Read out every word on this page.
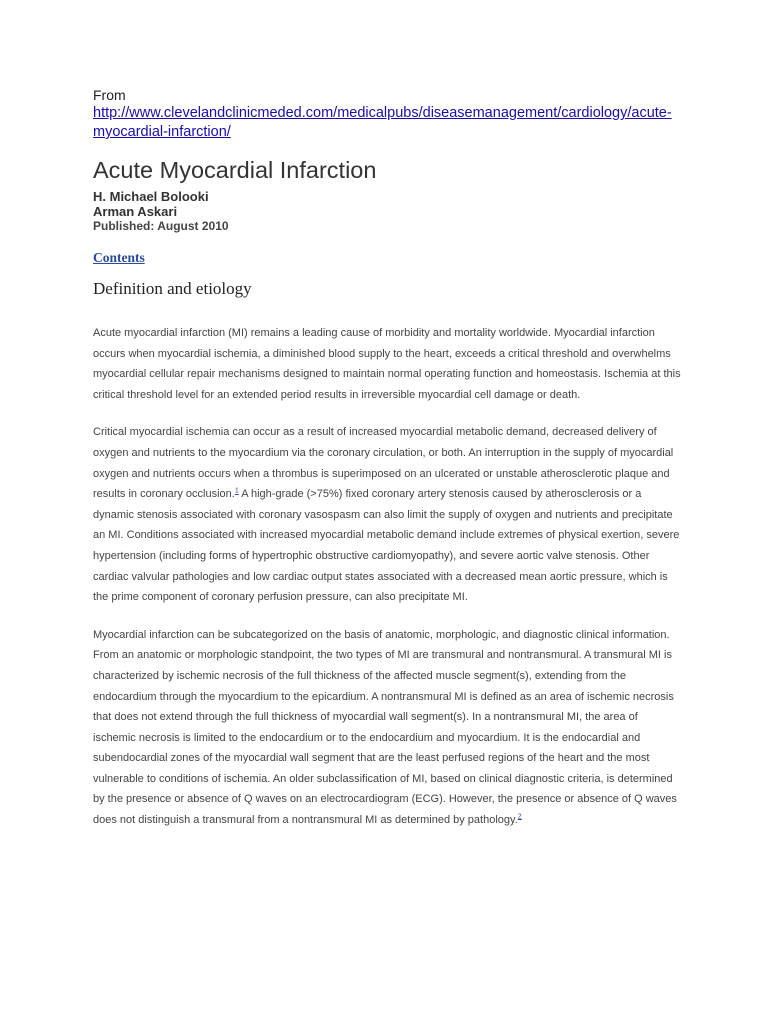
From
http://www.clevelandclinicmeded.com/medicalpubs/diseasemanagement/cardiology/acute-myocardial-infarction/
Acute Myocardial Infarction
H. Michael Bolooki
Arman Askari
Published: August 2010
Contents
Definition and etiology

Acute myocardial infarction (MI) remains a leading cause of morbidity and mortality worldwide. Myocardial infarction occurs when myocardial ischemia, a diminished blood supply to the heart, exceeds a critical threshold and overwhelms myocardial cellular repair mechanisms designed to maintain normal operating function and homeostasis. Ischemia at this critical threshold level for an extended period results in irreversible myocardial cell damage or death.

Critical myocardial ischemia can occur as a result of increased myocardial metabolic demand, decreased delivery of oxygen and nutrients to the myocardium via the coronary circulation, or both. An interruption in the supply of myocardial oxygen and nutrients occurs when a thrombus is superimposed on an ulcerated or unstable atherosclerotic plaque and results in coronary occlusion.$^1$ A high-grade (>75%) fixed coronary artery stenosis caused by atherosclerosis or a dynamic stenosis associated with coronary vasospasm can also limit the supply of oxygen and nutrients and precipitate an MI. Conditions associated with increased myocardial metabolic demand include extremes of physical exertion, severe hypertension (including forms of hypertrophic obstructive cardiomyopathy), and severe aortic valve stenosis. Other cardiac valvular pathologies and low cardiac output states associated with a decreased mean aortic pressure, which is the prime component of coronary perfusion pressure, can also precipitate MI.

Myocardial infarction can be subcategorized on the basis of anatomic, morphologic, and diagnostic clinical information. From an anatomic or morphologic standpoint, the two types of MI are transmural and nontransmural. A transmural MI is characterized by ischemic necrosis of the full thickness of the affected muscle segment(s), extending from the endocardium through the myocardium to the epicardium. A nontransmural MI is defined as an area of ischemic necrosis that does not extend through the full thickness of myocardial wall segment(s). In a nontransmural MI, the area of ischemic necrosis is limited to the endocardium or to the endocardium and myocardium. It is the endocardial and subendocardial zones of the myocardial wall segment that are the least perfused regions of the heart and the most vulnerable to conditions of ischemia. An older subclassification of MI, based on clinical diagnostic criteria, is determined by the presence or absence of Q waves on an electrocardiogram (ECG). However, the presence or absence of Q waves does not distinguish a transmural from a nontransmural MI as determined by pathology.$^2$
